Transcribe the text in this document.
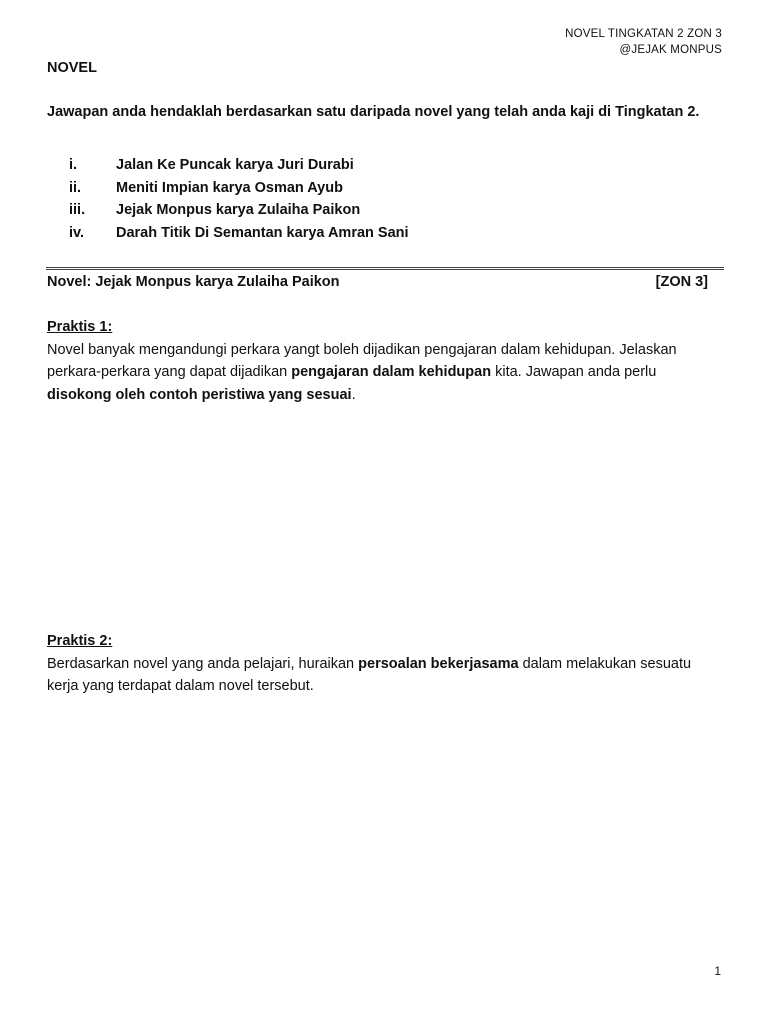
NOVEL TINGKATAN 2 ZON 3
@JEJAK MONPUS
NOVEL
Jawapan anda hendaklah berdasarkan satu daripada novel yang telah anda kaji di Tingkatan 2.
i.	Jalan Ke Puncak karya Juri Durabi
ii.	Meniti Impian karya Osman Ayub
iii.	Jejak Monpus karya Zulaiha Paikon
iv.	Darah Titik Di Semantan karya Amran Sani
Novel: Jejak Monpus karya Zulaiha Paikon	[ZON 3]
Praktis 1:
Novel banyak mengandungi perkara yangt boleh dijadikan pengajaran dalam kehidupan. Jelaskan perkara-perkara yang dapat dijadikan pengajaran dalam kehidupan kita. Jawapan anda perlu disokong oleh contoh peristiwa yang sesuai.
Praktis 2:
Berdasarkan novel yang anda pelajari, huraikan persoalan bekerjasama dalam melakukan sesuatu kerja yang terdapat dalam novel tersebut.
1
